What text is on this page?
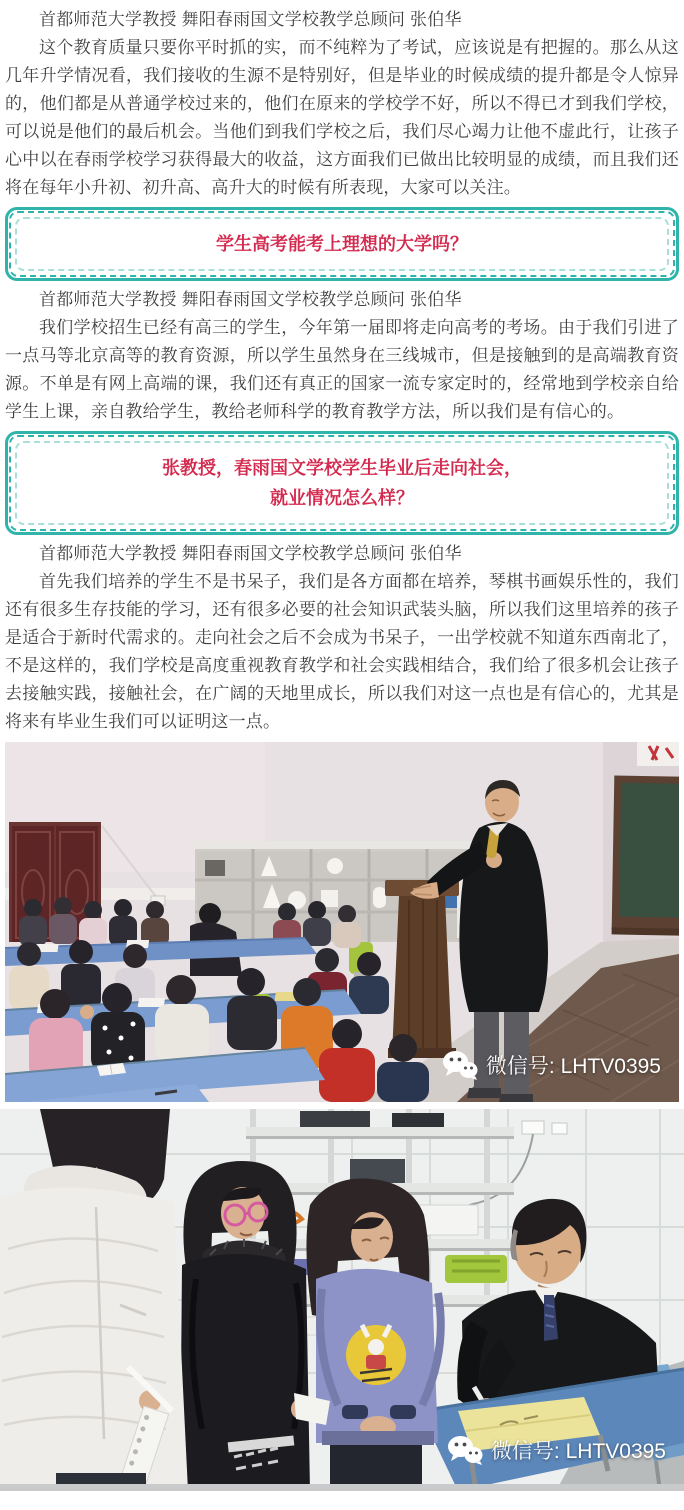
首都师范大学教授 舞阳春雨国文学校教学总顾问 张伯华

这个教育质量只要你平时抓的实，而不纯粹为了考试，应该说是有把握的。那么从这几年升学情况看，我们接收的生源不是特别好，但是毕业的时候成绩的提升都是令人惊异的，他们都是从普通学校过来的，他们在原来的学校学不好，所以不得已才到我们学校，可以说是他们的最后机会。当他们到我们学校之后，我们尽心竭力让他不虚此行，让孩子心中以在春雨学校学习获得最大的收益，这方面我们已做出比较明显的成绩，而且我们还将在每年小升初、初升高、高升大的时候有所表现，大家可以关注。

学生高考能考上理想的大学吗？

首都师范大学教授 舞阳春雨国文学校教学总顾问 张伯华

我们学校招生已经有高三的学生，今年第一届即将走向高考的考场。由于我们引进了一点马等北京高等的教育资源，所以学生虽然身在三线城市，但是接触到的是高端教育资源。不单是有网上高端的课，我们还有真正的国家一流专家定时的，经常地到学校亲自给学生上课，亲自教给学生，教给老师科学的教育教学方法，所以我们是有信心的。

张教授，春雨国文学校学生毕业后走向社会，
就业情况怎么样？

首都师范大学教授 舞阳春雨国文学校教学总顾问 张伯华

首先我们培养的学生不是书呆子，我们是各方面都在培养，琴棋书画娱乐性的，我们还有很多生存技能的学习，还有很多必要的社会知识武装头脑，所以我们这里培养的孩子是适合于新时代需求的。走向社会之后不会成为书呆子，一出学校就不知道东西南北了，不是这样的，我们学校是高度重视教育教学和社会实践相结合，我们给了很多机会让孩子去接触实践，接触社会，在广阔的天地里成长，所以我们对这一点也是有信心的，尤其是将来有毕业生我们可以证明这一点。

微信号: LHTV0395
微信号: LHTV0395
